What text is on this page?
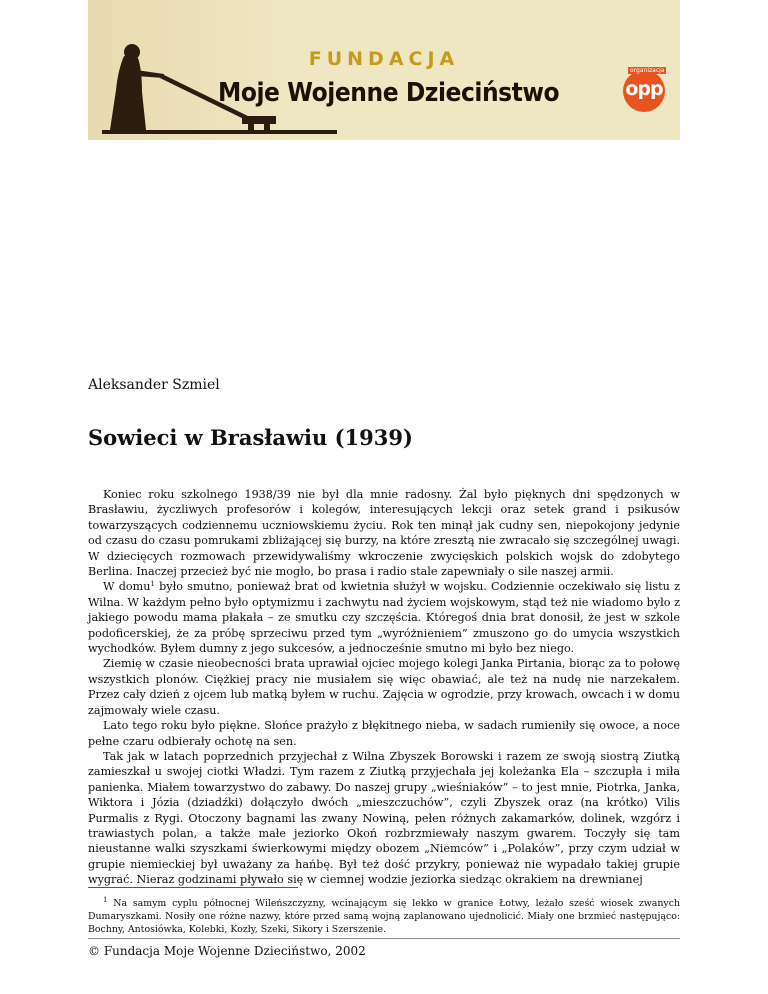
FUNDACJA
Moje Wojenne Dzieciństwo
organizacja
opp
Aleksander Szmiel
Sowieci w Brasławiu (1939)

Koniec roku szkolnego 1938/39 nie był dla mnie radosny. Żal było pięknych dni spędzonych w Brasławiu, życzliwych profesorów i kolegów, interesujących lekcji oraz setek grand i psikusów towarzyszących codziennemu uczniowskiemu życiu. Rok ten minął jak cudny sen, niepokojony jedynie od czasu do czasu pomrukami zbliżającej się burzy, na które zresztą nie zwracało się szczególnej uwagi. W dziecięcych rozmowach przewidywaliśmy wkroczenie zwycięskich polskich wojsk do zdobytego Berlina. Inaczej przecież być nie mogło, bo prasa i radio stale zapewniały o sile naszej armii.

W domu$^1$ było smutno, ponieważ brat od kwietnia służył w wojsku. Codziennie oczekiwało się listu z Wilna. W każdym pełno było optymizmu i zachwytu nad życiem wojskowym, stąd też nie wiadomo było z jakiego powodu mama płakała – ze smutku czy szczęścia. Któregoś dnia brat donosił, że jest w szkole podoficerskiej, że za próbę sprzeciwu przed tym „wyróżnieniem” zmuszono go do umycia wszystkich wychodków. Byłem dumny z jego sukcesów, a jednocześnie smutno mi było bez niego.

Ziemię w czasie nieobecności brata uprawiał ojciec mojego kolegi Janka Pirtania, biorąc za to połowę wszystkich plonów. Ciężkiej pracy nie musiałem się więc obawiać, ale też na nudę nie narzekałem. Przez cały dzień z ojcem lub matką byłem w ruchu. Zajęcia w ogrodzie, przy krowach, owcach i w domu zajmowały wiele czasu.

Lato tego roku było piękne. Słońce prażyło z błękitnego nieba, w sadach rumieniły się owoce, a noce pełne czaru odbierały ochotę na sen.

Tak jak w latach poprzednich przyjechał z Wilna Zbyszek Borowski i razem ze swoją siostrą Ziutką zamieszkał u swojej ciotki Władzi. Tym razem z Ziutką przyjechała jej koleżanka Ela – szczupła i miła panienka. Miałem towarzystwo do zabawy. Do naszej grupy „wieśniaków” – to jest mnie, Piotrka, Janka, Wiktora i Józia (dziadźki) dołączyło dwóch „mieszczuchów”, czyli Zbyszek oraz (na krótko) Vilis Purmalis z Rygi. Otoczony bagnami las zwany Nowiną, pełen różnych zakamarków, dolinek, wzgórz i trawiastych polan, a także małe jeziorko Okoń rozbrzmiewały naszym gwarem. Toczyły się tam nieustanne walki szyszkami świerkowymi między obozem „Niemców” i „Polaków”, przy czym udział w grupie niemieckiej był uważany za hańbę. Był też dość przykry, ponieważ nie wypadało takiej grupie wygrać. Nieraz godzinami pływało się w ciemnej wodzie jeziorka siedząc okrakiem na drewnianej

$^1$ Na samym cyplu północnej Wileńszczyzny, wcinającym się lekko w granice Łotwy, leżało sześć wiosek zwanych Dumaryszkami. Nosiły one różne nazwy, które przed samą wojną zaplanowano ujednolicić. Miały one brzmieć następująco: Bochny, Antosiówka, Kolebki, Kozły, Szeki, Sikory i Szerszenie.

© Fundacja Moje Wojenne Dzieciństwo, 2002
